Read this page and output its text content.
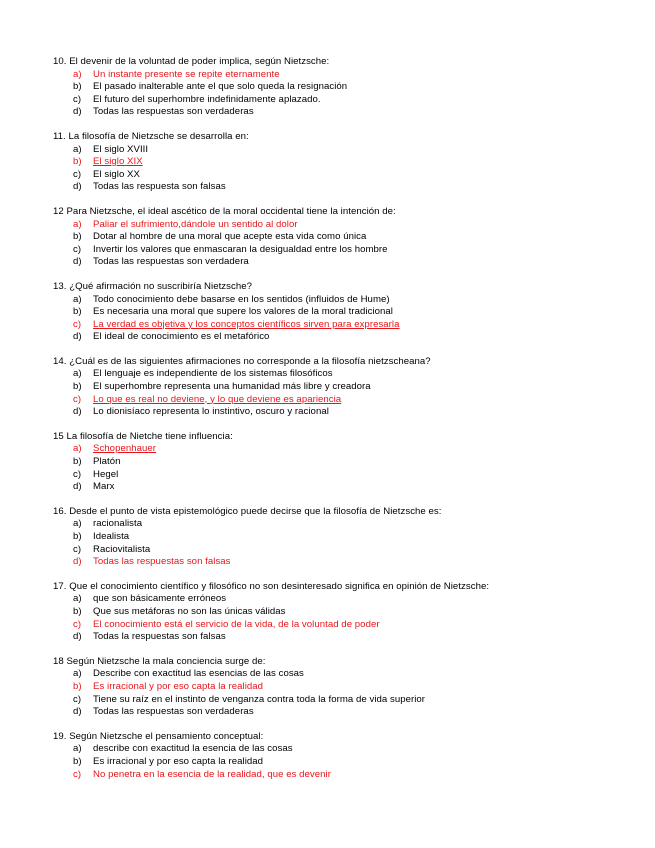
10. El devenir de la voluntad de poder implica, según Nietzsche:
a)	Un instante presente se repite eternamente
b)	El pasado inalterable ante el que solo queda la resignación
c)	El futuro del superhombre indefinidamente aplazado.
d)	Todas las respuestas son verdaderas
11. La filosofía de Nietzsche se desarrolla en:
a)	El siglo XVIII
b)	El siglo XIX
c)	El siglo XX
d)	Todas las respuesta son falsas
12 Para Nietzsche, el ideal ascético de la moral occidental tiene la intención de:
a)	Paliar el sufrimiento,dándole un sentido al dolor
b)	Dotar al hombre de una moral que acepte esta vida como única
c)	Invertir los valores que enmascaran la desigualdad entre los hombre
d)	Todas las respuestas son verdadera
13. ¿Qué afirmación no suscribiría Nietzsche?
a)	Todo conocimiento debe basarse en los sentidos (influidos de Hume)
b)	Es necesaria una moral que supere los valores de la moral tradicional
c)	La verdad es objetiva y los conceptos científicos sirven para expresarla
d)	El ideal de conocimiento es el metafórico
14. ¿Cuál es de las siguientes afirmaciones no corresponde a la filosofía nietzscheana?
a)	El lenguaje es independiente de los sistemas filosóficos
b)	El superhombre representa una humanidad más libre y creadora
c)	Lo que es real no deviene, y lo que deviene es apariencia
d)	Lo dionisíaco representa lo instintivo, oscuro y racional
15 La filosofía de Nietche tiene influencia:
a)	Schopenhauer
b)	Platón
c)	Hegel
d)	Marx
16. Desde el punto de vista epistemológico puede decirse que la filosofía de Nietzsche es:
a)	racionalista
b)	Idealista
c)	Raciovitalista
d)	Todas las respuestas son falsas
17. Que el conocimiento científico y filosófico no son desinteresado significa en opinión de Nietzsche:
a)	que son básicamente erróneos
b)	Que sus metáforas no son las únicas válidas
c)	El conocimiento está el servicio de la vida, de la voluntad de poder
d)	Todas la respuestas son falsas
18 Según Nietzsche la mala conciencia surge de:
a)	Describe con exactitud las esencias de las cosas
b)	Es irracional y por eso capta la realidad
c)	Tiene su raíz en el instinto de venganza contra toda la forma de vida superior
d)	Todas las respuestas son verdaderas
19. Según Nietzsche el pensamiento conceptual:
a)	describe con exactitud la esencia de las cosas
b)	Es irracional y por eso capta la realidad
c)	No penetra en la esencia de la realidad, que es devenir
